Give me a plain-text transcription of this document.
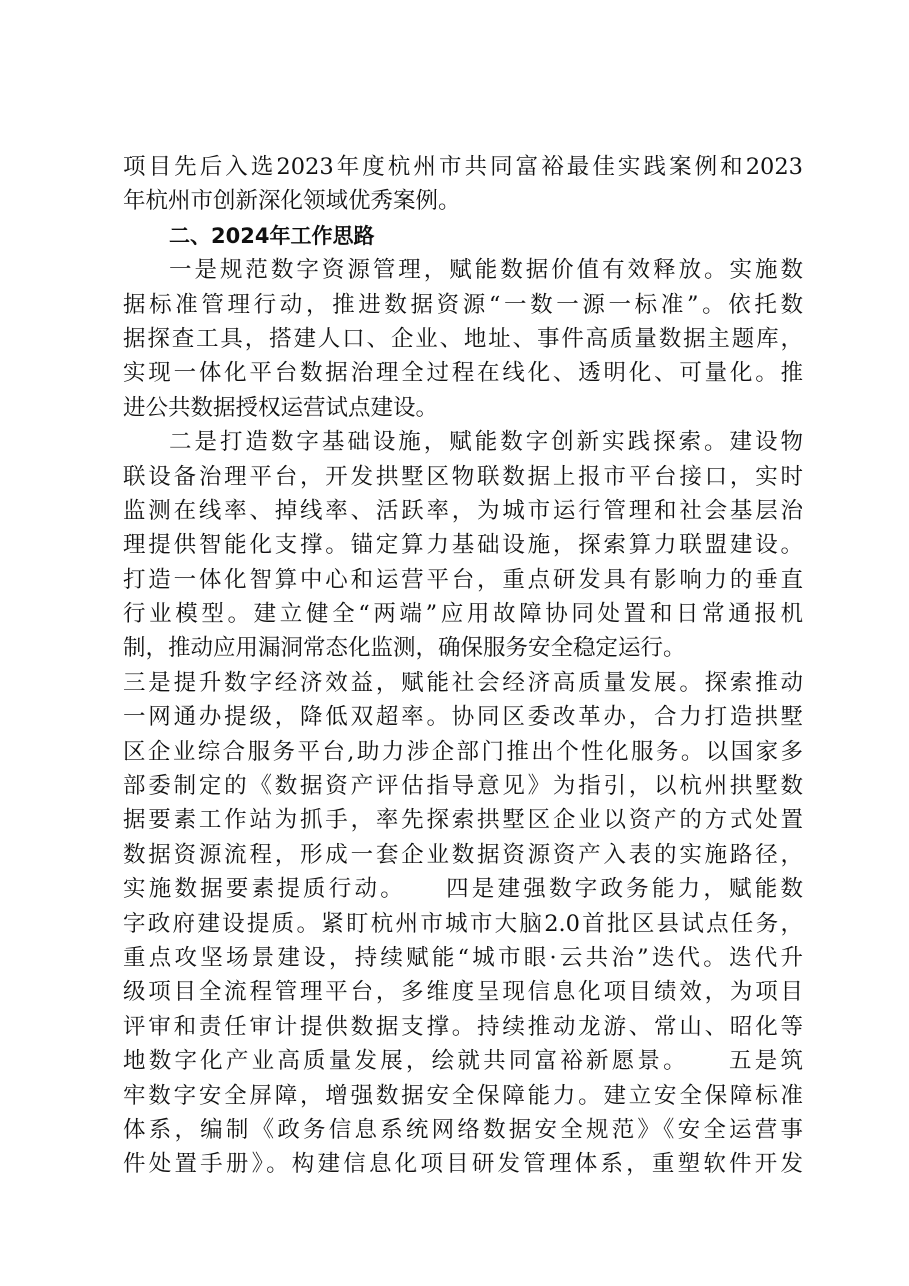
项目先后入选2023年度杭州市共同富裕最佳实践案例和2023
年杭州市创新深化领域优秀案例。
二、2024年工作思路
一是规范数字资源管理，赋能数据价值有效释放。实施数
据标准管理行动，推进数据资源“一数一源一标准”。依托数
据探查工具，搭建人口、企业、地址、事件高质量数据主题库，
实现一体化平台数据治理全过程在线化、透明化、可量化。推
进公共数据授权运营试点建设。
二是打造数字基础设施，赋能数字创新实践探索。建设物
联设备治理平台，开发拱墅区物联数据上报市平台接口，实时
监测在线率、掉线率、活跃率，为城市运行管理和社会基层治
理提供智能化支撑。锚定算力基础设施，探索算力联盟建设。
打造一体化智算中心和运营平台，重点研发具有影响力的垂直
行业模型。建立健全“两端”应用故障协同处置和日常通报机
制，推动应用漏洞常态化监测，确保服务安全稳定运行。
三是提升数字经济效益，赋能社会经济高质量发展。探索推动
一网通办提级，降低双超率。协同区委改革办，合力打造拱墅
区企业综合服务平台,助力涉企部门推出个性化服务。以国家多
部委制定的《数据资产评估指导意见》为指引，以杭州拱墅数
据要素工作站为抓手，率先探索拱墅区企业以资产的方式处置
数据资源流程，形成一套企业数据资源资产入表的实施路径，
实施数据要素提质行动。　　四是建强数字政务能力，赋能数
字政府建设提质。紧盯杭州市城市大脑2.0首批区县试点任务，
重点攻坚场景建设，持续赋能“城市眼·云共治”迭代。迭代升
级项目全流程管理平台，多维度呈现信息化项目绩效，为项目
评审和责任审计提供数据支撑。持续推动龙游、常山、昭化等
地数字化产业高质量发展，绘就共同富裕新愿景。　　五是筑
牢数字安全屏障，增强数据安全保障能力。建立安全保障标准
体系，编制《政务信息系统网络数据安全规范》《安全运营事
件处置手册》。构建信息化项目研发管理体系，重塑软件开发
